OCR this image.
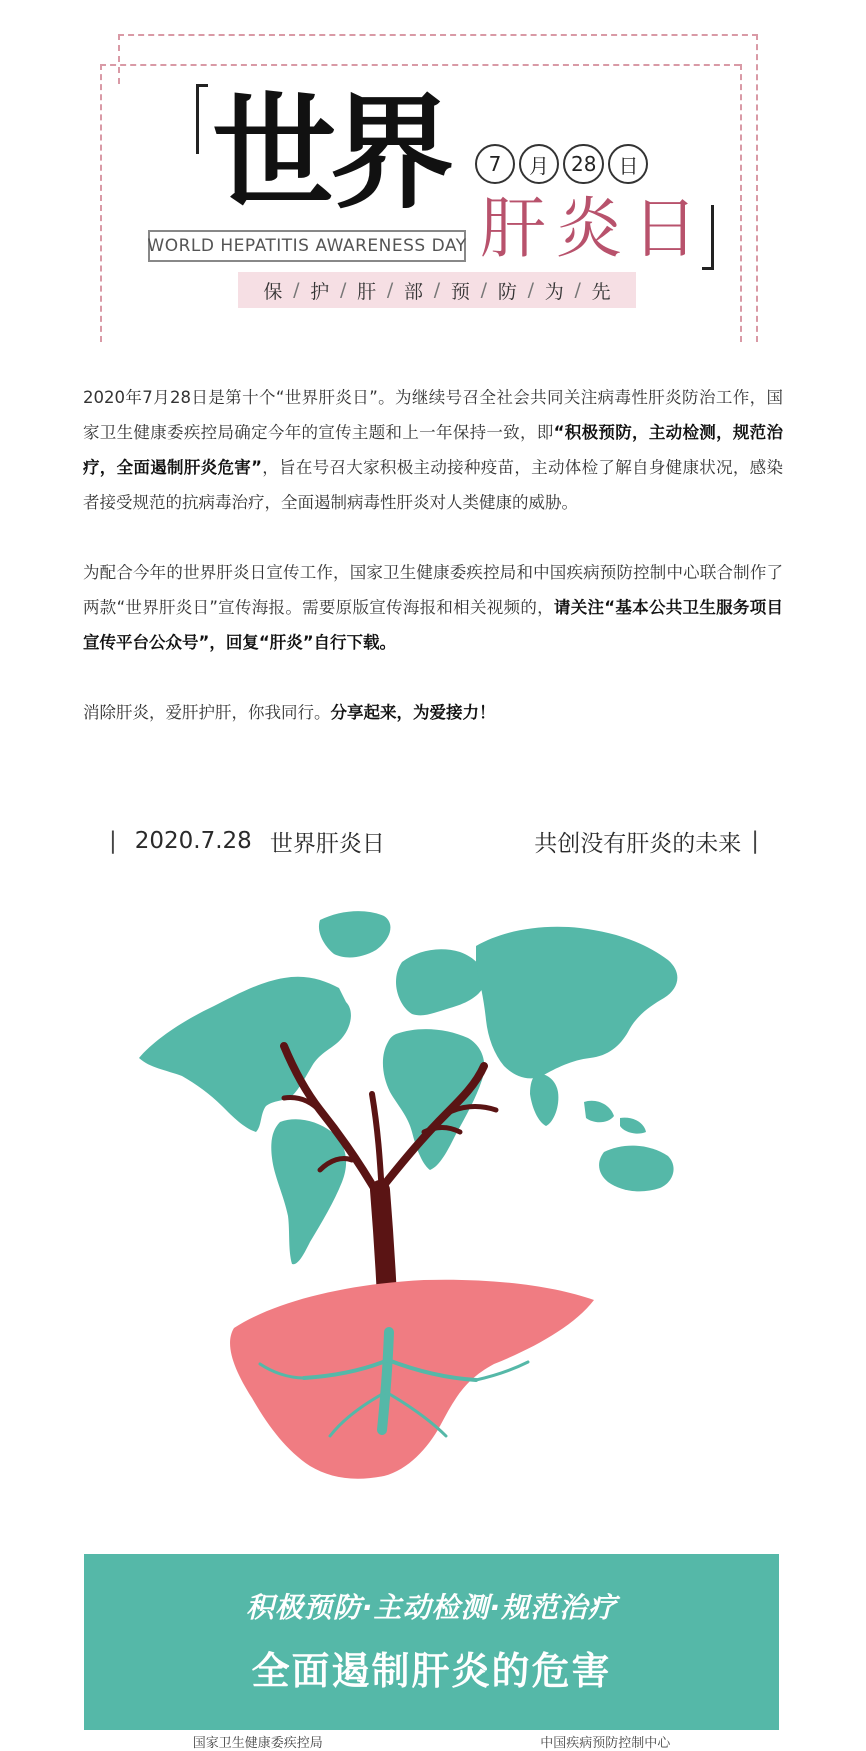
世界	7	月	28	日
肝炎日
WORLD HEPATITIS AWARENESS DAY
保 / 护 / 肝 / 部 / 预 / 防 / 为 / 先

2020年7月28日是第十个“世界肝炎日”。为继续号召全社会共同关注病毒性肝炎防治工作，国家卫生健康委疾控局确定今年的宣传主题和上一年保持一致，即“积极预防，主动检测，规范治疗，全面遏制肝炎危害”，旨在号召大家积极主动接种疫苗，主动体检了解自身健康状况，感染者接受规范的抗病毒治疗，全面遏制病毒性肝炎对人类健康的威胁。

为配合今年的世界肝炎日宣传工作，国家卫生健康委疾控局和中国疾病预防控制中心联合制作了两款“世界肝炎日”宣传海报。需要原版宣传海报和相关视频的，请关注“基本公共卫生服务项目宣传平台公众号”，回复“肝炎”自行下载。

消除肝炎，爱肝护肝，你我同行。分享起来，为爱接力！

| 2020.7.28 世界肝炎日	共创没有肝炎的未来 |
积极预防·主动检测·规范治疗
全面遏制肝炎的危害
国家卫生健康委疾控局	中国疾病预防控制中心
